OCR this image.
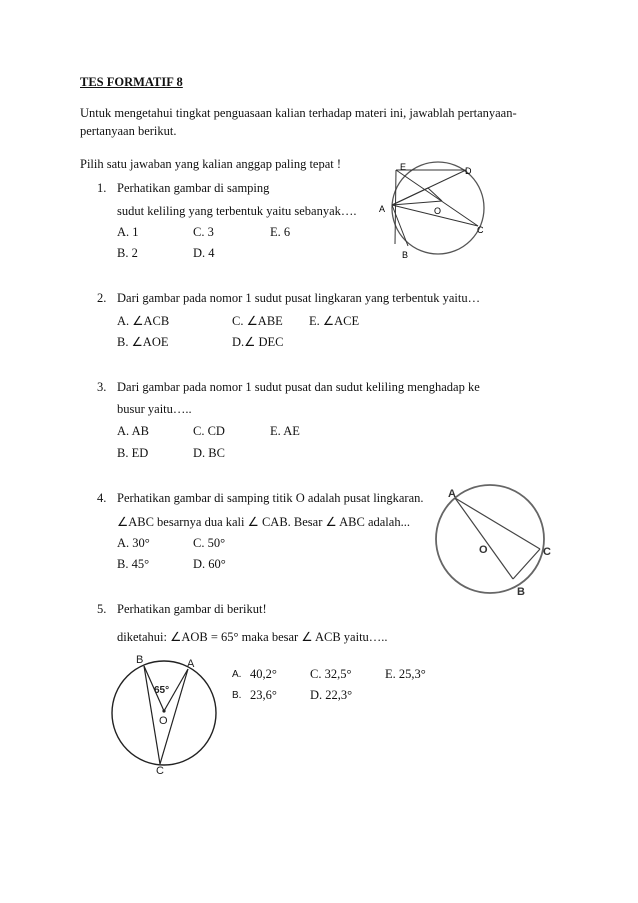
TES FORMATIF 8
Untuk mengetahui tingkat penguasaan kalian terhadap materi ini, jawablah pertanyaan-
pertanyaan berikut.
Pilih satu jawaban yang kalian anggap paling tepat !
1. Perhatikan gambar di samping
sudut keliling yang terbentuk yaitu sebanyak….
A. 1	C. 3	E. 6
B. 2	D. 4
E	D
A	O
C
B
2. Dari gambar pada nomor 1 sudut pusat lingkaran yang terbentuk yaitu…
A. ∠ACB	C. ∠ABE E. ∠ACE
B. ∠AOE	D.∠ DEC
3. Dari gambar pada nomor 1 sudut pusat dan sudut keliling menghadap ke
busur yaitu…..
A. AB	C. CD	E. AE
B. ED	D. BC
4. Perhatikan gambar di samping titik O adalah pusat lingkaran.
∠ABC besarnya dua kali ∠ CAB. Besar ∠ ABC adalah...
A. 30°	C. 50°
B. 45°	D. 60°
A
O	C
B
5. Perhatikan gambar di berikut!
diketahui: ∠AOB = 65° maka besar ∠ ACB yaitu…..
A. 40,2°	C. 32,5°	E. 25,3°
B. 23,6°	D. 22,3°
B	A
65°
O
C
